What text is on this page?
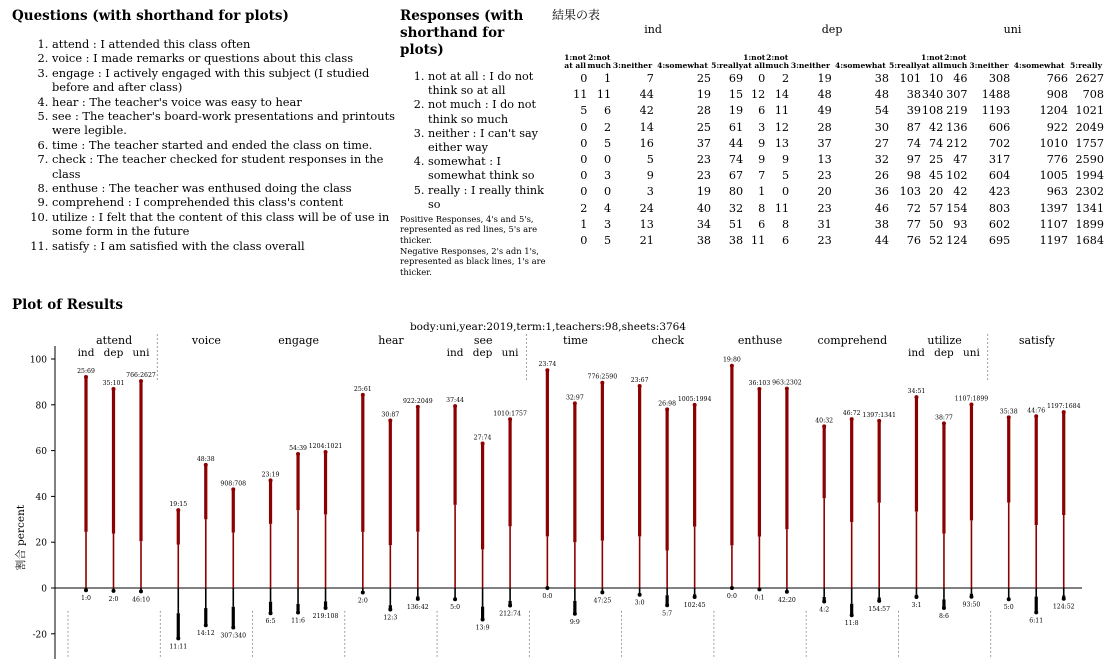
Questions (with shorthand for plots)
1. attend : I attended this class often
2. voice : I made remarks or questions about this class
3. engage : I actively engaged with this subject (I studied before and after class)
4. hear : The teacher's voice was easy to hear
5. see : The teacher's board-work presentations and printouts were legible.
6. time : The teacher started and ended the class on time.
7. check : The teacher checked for student responses in the class
8. enthuse : The teacher was enthused doing the class
9. comprehend : I comprehended this class's content
10. utilize : I felt that the content of this class will be of use in some form in the future
11. satisfy : I am satisfied with the class overall
Responses (with shorthand for plots)
1. not at all : I do not think so at all
2. not much : I do not think so much
3. neither : I can't say either way
4. somewhat : I somewhat think so
5. really : I really think so
Positive Responses, 4's and 5's, represented as red lines, 5's are thicker.
Negative Responses, 2's adn 1's, represented as black lines, 1's are thicker.
結果の表
ind					dep					uni				
1:not at all	2:not much	3:neither	4:somewhat	5:really	1:not at all	2:not much	3:neither	4:somewhat	5:really	1:not at all	2:not much	3:neither	4:somewhat	5:really
0	1	7	25	69	0	2	19	38	101	10	46	308	766	2627
11	11	44	19	15	12	14	48	48	38	340	307	1488	908	708
5	6	42	28	19	6	11	49	54	39	108	219	1193	1204	1021
0	2	14	25	61	3	12	28	30	87	42	136	606	922	2049
0	5	16	37	44	9	13	37	27	74	74	212	702	1010	1757
0	0	5	23	74	9	9	13	32	97	25	47	317	776	2590
0	3	9	23	67	7	5	23	26	98	45	102	604	1005	1994
0	0	3	19	80	1	0	20	36	103	20	42	423	963	2302
2	4	24	40	32	8	11	23	46	72	57	154	803	1397	1341
1	3	13	34	51	6	8	31	38	77	50	93	602	1107	1899
0	5	21	38	38	11	6	23	44	76	52	124	695	1197	1684
Plot of Results
body:uni,year:2019,term:1,teachers:98,sheets:3764
-20
0
20
40
60
80
100
割合 percent
attend
ind
25:69
1:0
dep
35:101
2:0
uni
766:2627
46:10
voice
19:15
11:11
48:38
14:12
908:708
307:340
engage
23:19
6:5
54:39
11:6
1204:1021
219:108
hear
25:61
2:0
30:87
12:3
922:2049
136:42
see
ind
37:44
5:0
dep
27:74
13:9
uni
1010:1757
212:74
time
23:74
0:0
32:97
9:9
776:2590
47:25
check
23:67
3:0
26:98
5:7
1005:1994
102:45
enthuse
19:80
0:0
36:103
0:1
963:2302
42:20
comprehend
40:32
4:2
46:72
11:8
1397:1341
154:57
utilize
ind
34:51
3:1
dep
38:77
8:6
uni
1107:1899
93:50
satisfy
35:38
5:0
44:76
6:11
1197:1684
124:52
